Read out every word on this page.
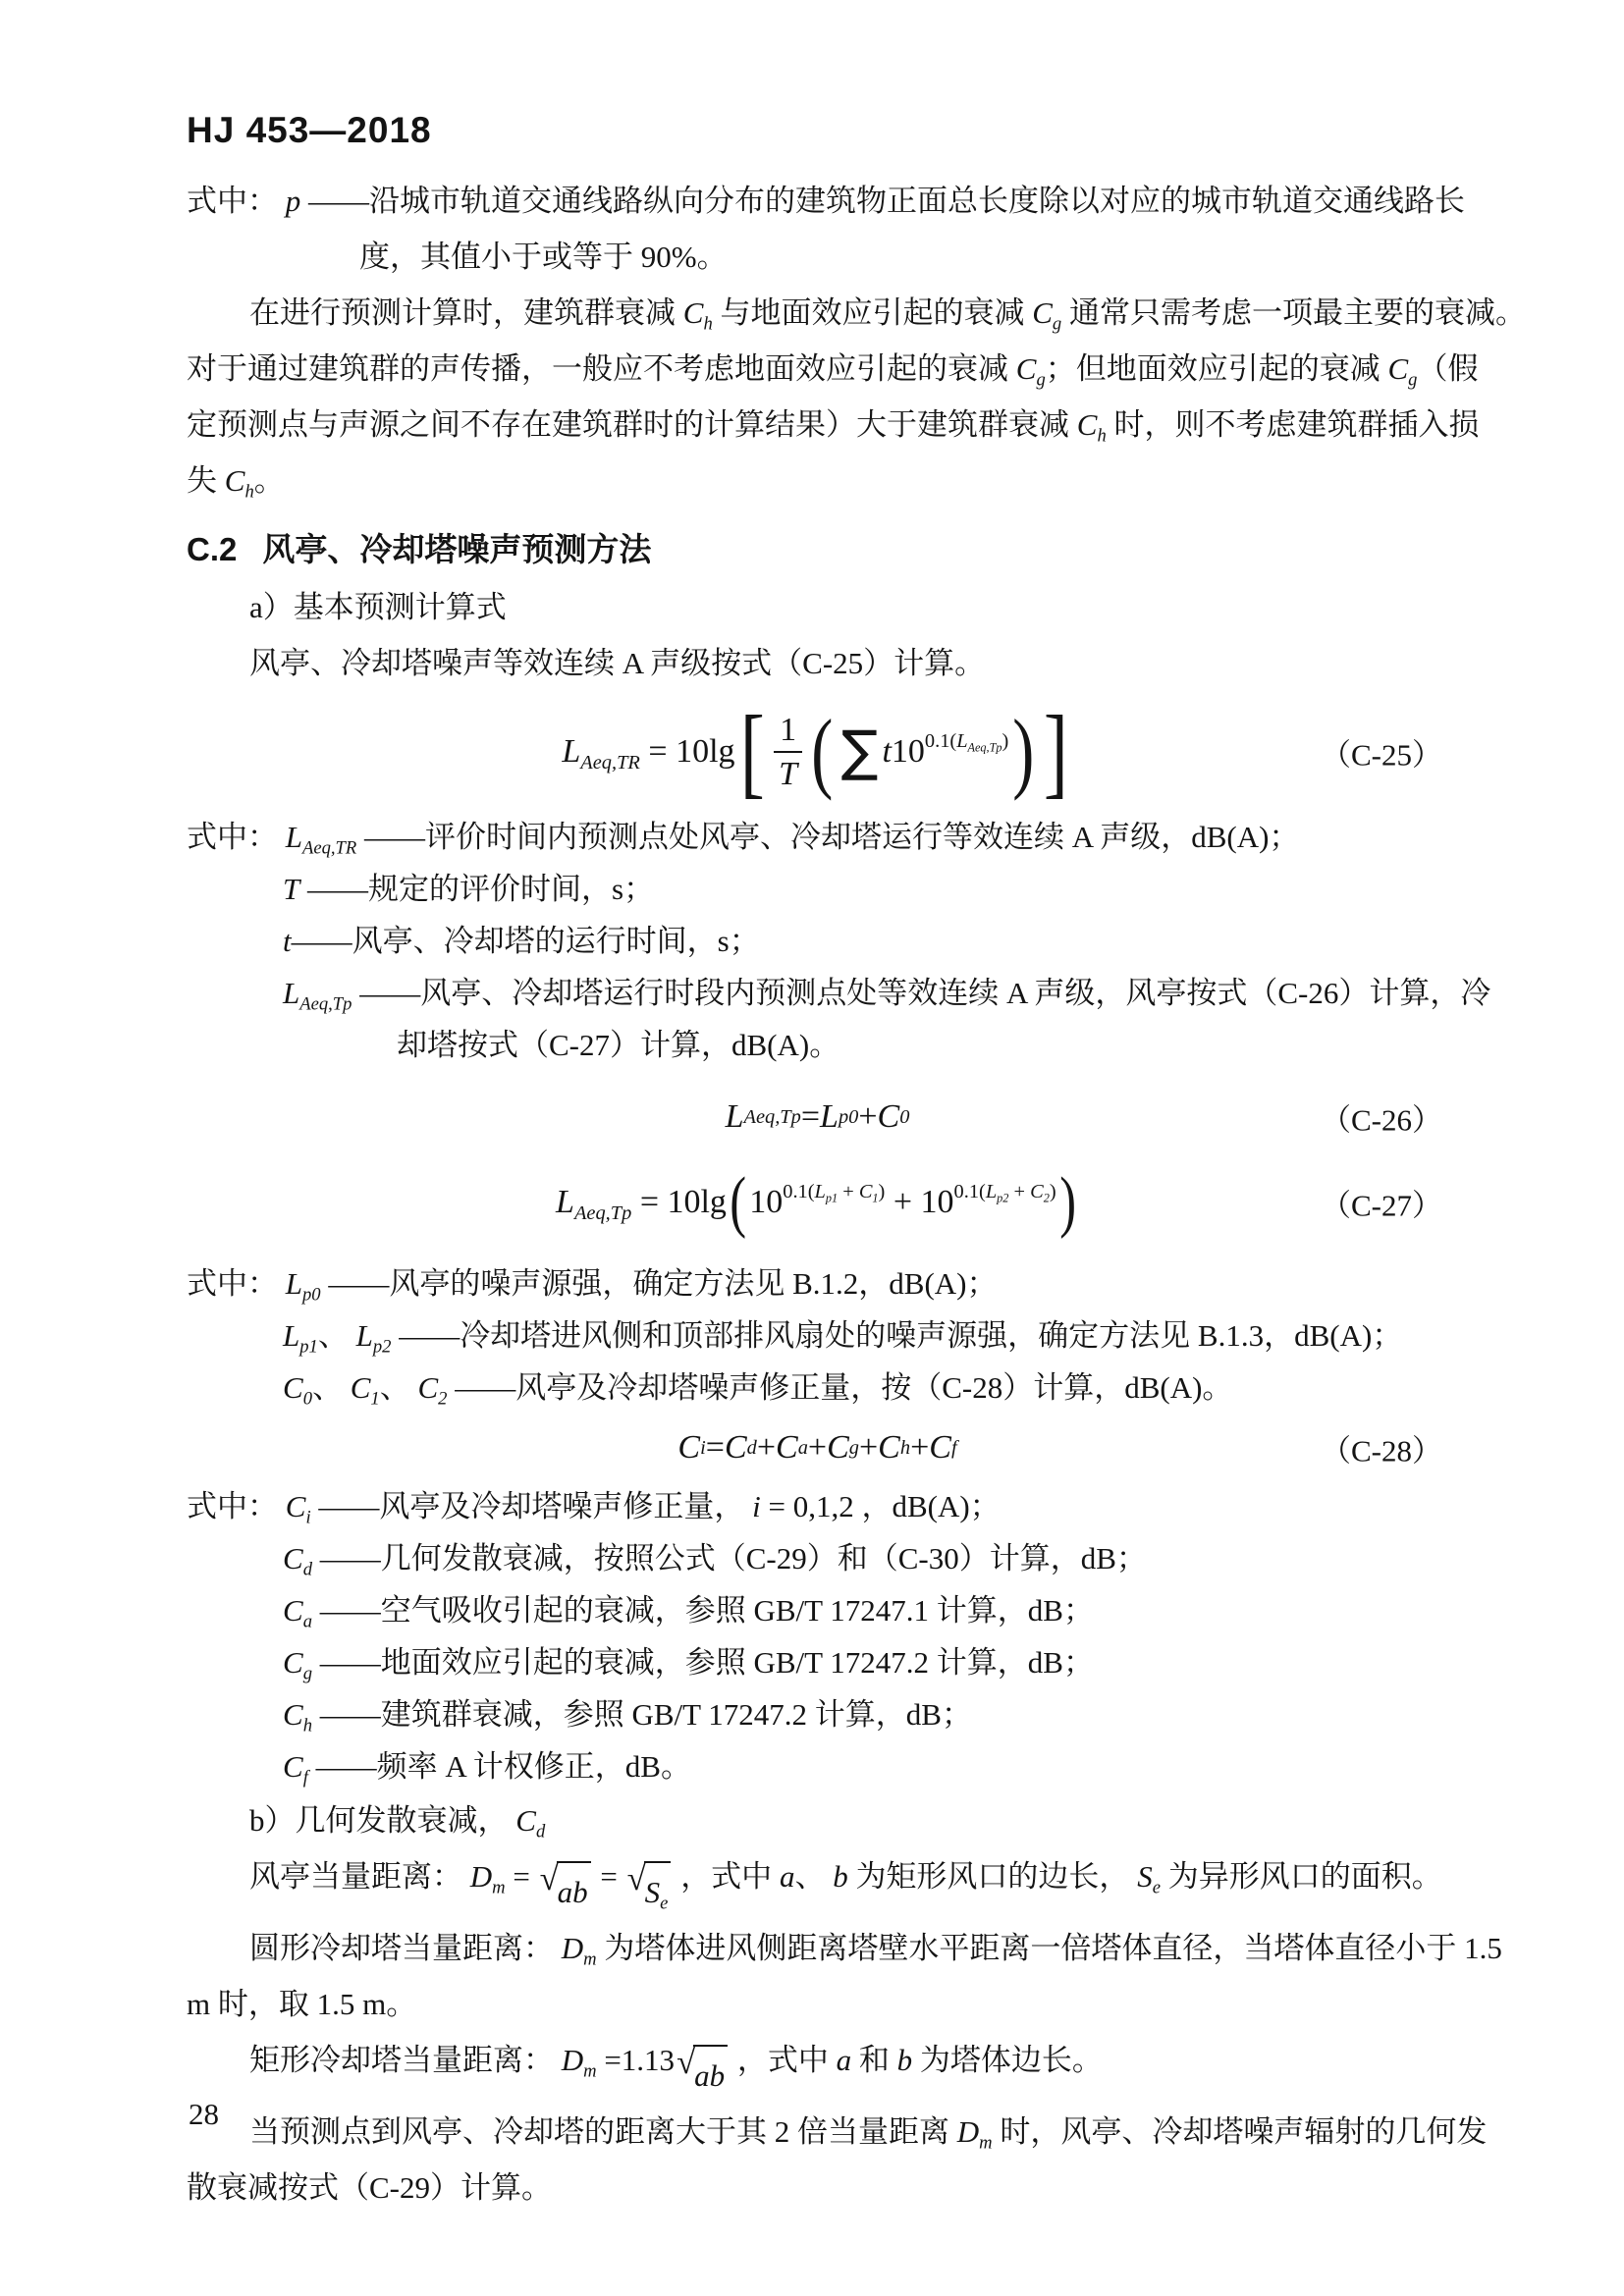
HJ 453—2018

式中： p ——沿城市轨道交通线路纵向分布的建筑物正面总长度除以对应的城市轨道交通线路长

度，其值小于或等于 90%。

在进行预测计算时，建筑群衰减 $C_h$ 与地面效应引起的衰减 $C_g$ 通常只需考虑一项最主要的衰减。

对于通过建筑群的声传播，一般应不考虑地面效应引起的衰减 $C_g$；但地面效应引起的衰减 $C_g$（假

定预测点与声源之间不存在建筑群时的计算结果）大于建筑群衰减 $C_h$ 时，则不考虑建筑群插入损

失 $C_h$。

C.2 风亭、冷却塔噪声预测方法

a）基本预测计算式

风亭、冷却塔噪声等效连续 A 声级按式（C-25）计算。

$L_{Aeq,TR} = 10\lg$ [ $\frac{1}{T}$ ( ∑ $t10^{0.1(L_{Aeq,Tp})}$ ) ]	（C-25）

式中： $L_{Aeq,TR}$ ——评价时间内预测点处风亭、冷却塔运行等效连续 A 声级，dB(A)；

T ——规定的评价时间，s；

t——风亭、冷却塔的运行时间，s；

$L_{Aeq,Tp}$ ——风亭、冷却塔运行时段内预测点处等效连续 A 声级，风亭按式（C-26）计算，冷

却塔按式（C-27）计算，dB(A)。

L Aeq,Tp = L p0 + C 0	（C-26）
$L_{Aeq,Tp} = 10\lg$ ( $10^{0.1(L_{p1} + C_1)} + 10^{0.1(L_{p2} + C_2)}$ )	（C-27）

式中： $L_{p0}$ ——风亭的噪声源强，确定方法见 B.1.2，dB(A)；

$L_{p1}$、 $L_{p2}$ ——冷却塔进风侧和顶部排风扇处的噪声源强，确定方法见 B.1.3，dB(A)；

$C_0$、 $C_1$、 $C_2$ ——风亭及冷却塔噪声修正量，按（C-28）计算，dB(A)。

C i = C d + C a + C g + C h + C f	（C-28）

式中： $C_i$ ——风亭及冷却塔噪声修正量， i = 0,1,2 ，dB(A)；

$C_d$ ——几何发散衰减，按照公式（C-29）和（C-30）计算，dB；

$C_a$ ——空气吸收引起的衰减，参照 GB/T 17247.1 计算，dB；

$C_g$ ——地面效应引起的衰减，参照 GB/T 17247.2 计算，dB；

$C_h$ ——建筑群衰减，参照 GB/T 17247.2 计算，dB；

$C_f$ ——频率 A 计权修正，dB。

b）几何发散衰减， $C_d$

风亭当量距离： $D_m$ = √ ab = √ $S_e$
，式中 a、 b 为矩形风口的边长， $S_e$ 为异形风口的面积。

圆形冷却塔当量距离： $D_m$ 为塔体进风侧距离塔壁水平距离一倍塔体直径，当塔体直径小于 1.5

m 时，取 1.5 m。

矩形冷却塔当量距离： $D_m =1.13$ √ ab ，式中 a 和 b 为塔体边长。

当预测点到风亭、冷却塔的距离大于其 2 倍当量距离 $D_m$ 时，风亭、冷却塔噪声辐射的几何发

散衰减按式（C-29）计算。

28
